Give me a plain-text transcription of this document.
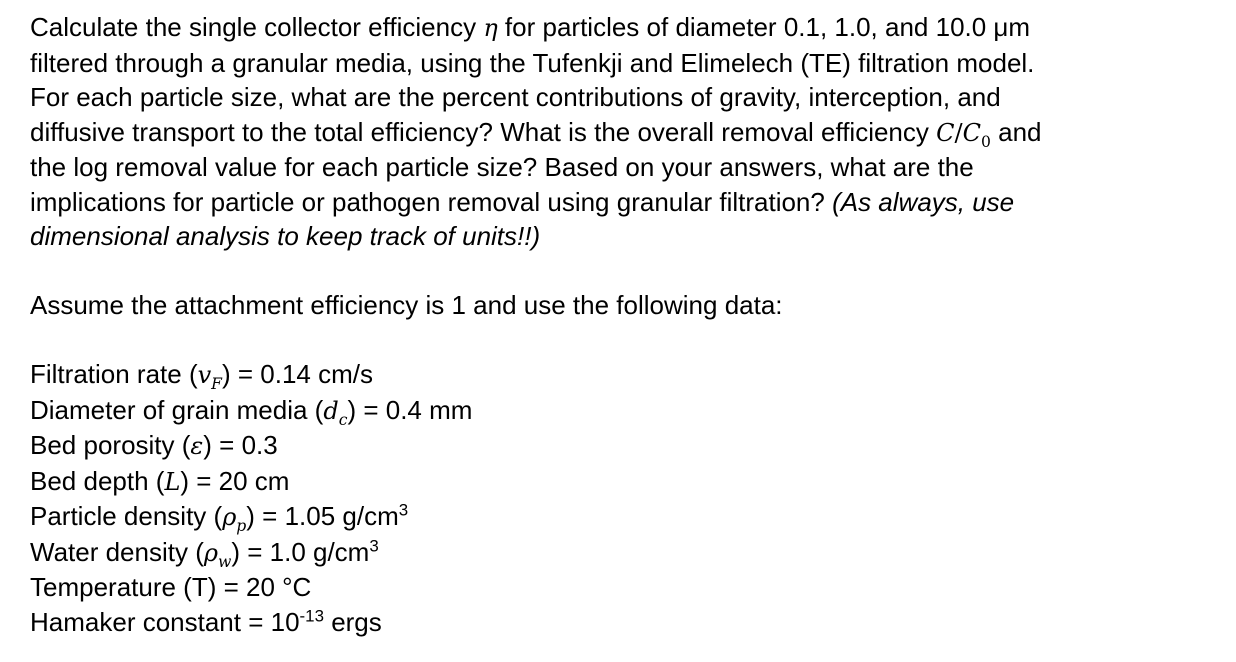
Calculate the single collector efficiency η for particles of diameter 0.1, 1.0, and 10.0 μm
filtered through a granular media, using the Tufenkji and Elimelech (TE) filtration model.
For each particle size, what are the percent contributions of gravity, interception, and
diffusive transport to the total efficiency? What is the overall removal efficiency $C/C_0$ and
the log removal value for each particle size? Based on your answers, what are the
implications for particle or pathogen removal using granular filtration? (As always, use
dimensional analysis to keep track of units!!)
Assume the attachment efficiency is 1 and use the following data:
Filtration rate $(v_F) = 0.14$ cm/s
Diameter of grain media $(d_c) = 0.4$ mm
Bed porosity (ε) = 0.3
Bed depth (L) = 20 cm
Particle density $(\rho_p) = 1.05$ $g/cm^3$
Water density $(\rho_w) = 1.0$ $g/cm^3$
Temperature (T) = 20 °C
Hamaker constant = $10^{-13}$ ergs
